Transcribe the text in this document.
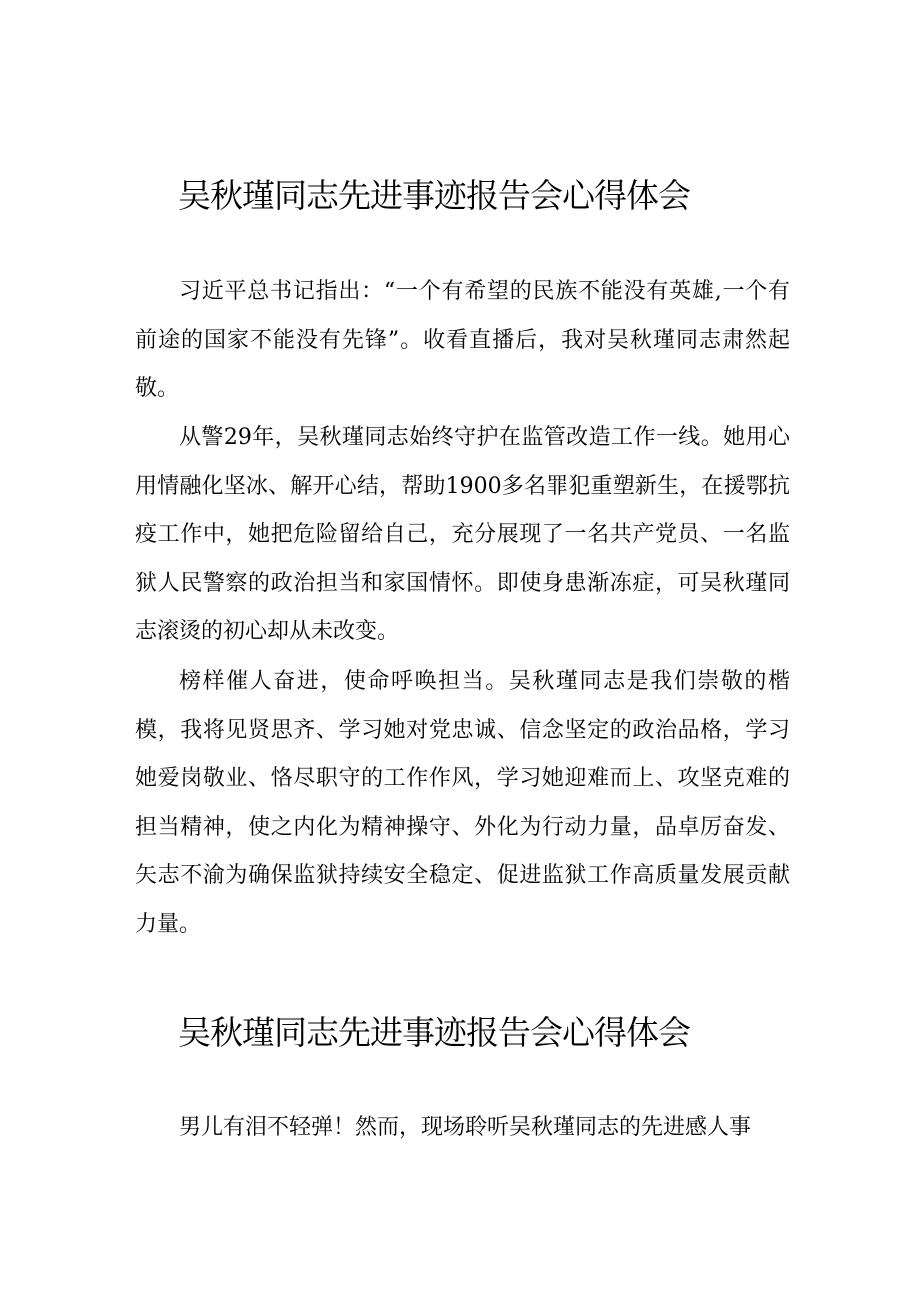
吴秋瑾同志先进事迹报告会心得体会

习近平总书记指出：“一个有希望的民族不能没有英雄,一个有前途的国家不能没有先锋”。收看直播后，我对吴秋瑾同志肃然起敬。

从警29年，吴秋瑾同志始终守护在监管改造工作一线。她用心用情融化坚冰、解开心结，帮助1900多名罪犯重塑新生，在援鄂抗疫工作中，她把危险留给自己，充分展现了一名共产党员、一名监狱人民警察的政治担当和家国情怀。即使身患渐冻症，可吴秋瑾同志滚烫的初心却从未改变。

榜样催人奋进，使命呼唤担当。吴秋瑾同志是我们崇敬的楷模，我将见贤思齐、学习她对党忠诚、信念坚定的政治品格，学习她爱岗敬业、恪尽职守的工作作风，学习她迎难而上、攻坚克难的担当精神，使之内化为精神操守、外化为行动力量，品卓厉奋发、矢志不渝为确保监狱持续安全稳定、促进监狱工作高质量发展贡献力量。

吴秋瑾同志先进事迹报告会心得体会

男儿有泪不轻弹！然而，现场聆听吴秋瑾同志的先进感人事
